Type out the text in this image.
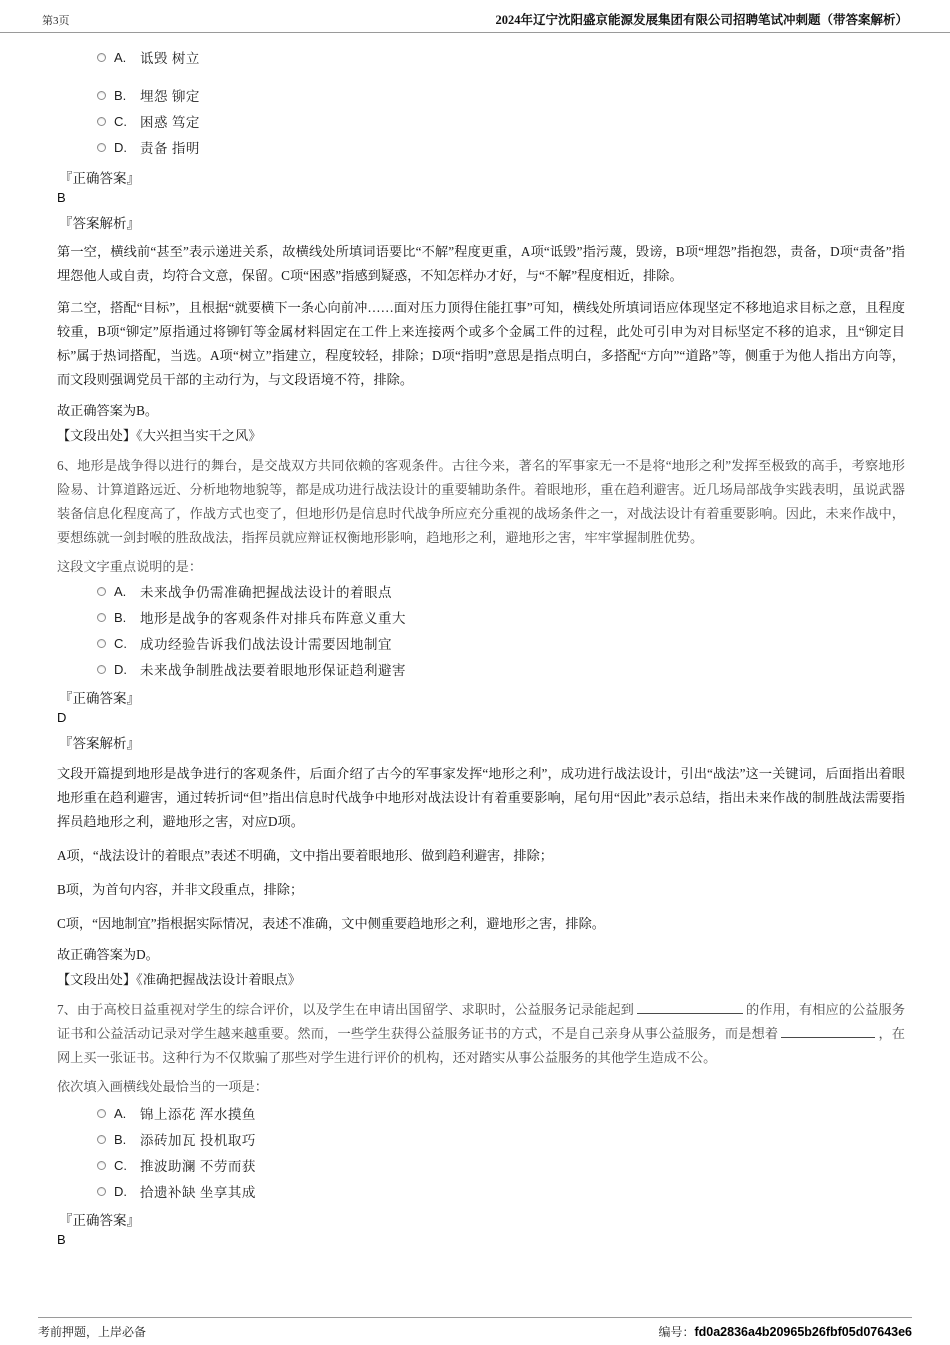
第3页	2024年辽宁沈阳盛京能源发展集团有限公司招聘笔试冲刺题（带答案解析）
A.	诋毁 树立
B.	埋怨 铆定
C. 困惑 笃定
D. 责备 指明
『正确答案』
B
『答案解析』

第一空，横线前“甚至”表示递进关系，故横线处所填词语要比“不解”程度更重，A项“诋毁”指污蔑，毁谤，B项“埋怨”指抱怨，责备，D项“责备”指埋怨他人或自责，均符合文意，保留。C项“困惑”指感到疑惑，不知怎样办才好，与“不解”程度相近，排除。

第二空，搭配“目标”，且根据“就要横下一条心向前冲……面对压力顶得住能扛事”可知，横线处所填词语应体现坚定不移地追求目标之意，且程度较重，B项“铆定”原指通过将铆钉等金属材料固定在工件上来连接两个或多个金属工件的过程，此处可引申为对目标坚定不移的追求，且“铆定目标”属于热词搭配，当选。A项“树立”指建立，程度较轻，排除；D项“指明”意思是指点明白，多搭配“方向”“道路”等，侧重于为他人指出方向等，而文段则强调党员干部的主动行为，与文段语境不符，排除。

故正确答案为B。

【文段出处】《大兴担当实干之风》

6、地形是战争得以进行的舞台，是交战双方共同依赖的客观条件。古往今来，著名的军事家无一不是将“地形之利”发挥至极致的高手，考察地形险易、计算道路远近、分析地物地貌等，都是成功进行战法设计的重要辅助条件。着眼地形，重在趋利避害。近几场局部战争实践表明，虽说武器装备信息化程度高了，作战方式也变了，但地形仍是信息时代战争所应充分重视的战场条件之一，对战法设计有着重要影响。因此，未来作战中，要想练就一剑封喉的胜敌战法，指挥员就应辩证权衡地形影响，趋地形之利，避地形之害，牢牢掌握制胜优势。

这段文字重点说明的是：

A.	未来战争仍需准确把握战法设计的着眼点
B.	地形是战争的客观条件对排兵布阵意义重大
C. 成功经验告诉我们战法设计需要因地制宜
D. 未来战争制胜战法要着眼地形保证趋利避害
『正确答案』
D
『答案解析』

文段开篇提到地形是战争进行的客观条件，后面介绍了古今的军事家发挥“地形之利”，成功进行战法设计，引出“战法”这一关键词，后面指出着眼地形重在趋利避害，通过转折词“但”指出信息时代战争中地形对战法设计有着重要影响，尾句用“因此”表示总结，指出未来作战的制胜战法需要指挥员趋地形之利，避地形之害，对应D项。

A项，“战法设计的着眼点”表述不明确，文中指出要着眼地形、做到趋利避害，排除；

B项，为首句内容，并非文段重点，排除；

C项，“因地制宜”指根据实际情况，表述不准确，文中侧重要趋地形之利，避地形之害，排除。

故正确答案为D。

【文段出处】《准确把握战法设计着眼点》

7、由于高校日益重视对学生的综合评价，以及学生在申请出国留学、求职时，公益服务记录能起到	的作用，有相应的公益服务证书和公益活动记录对学生越来越重要。然而，一些学生获得公益服务证书的方式，不是自己亲身从事公益服务，而是想着	，在网上买一张证书。这种行为不仅欺骗了那些对学生进行评价的机构，还对踏实从事公益服务的其他学生造成不公。

依次填入画横线处最恰当的一项是：

A.	锦上添花 浑水摸鱼
B.	添砖加瓦 投机取巧
C. 推波助澜 不劳而获
D. 拾遗补缺 坐享其成
『正确答案』
B
考前押题，上岸必备	编号：fd0a2836a4b20965b26fbf05d07643e6
